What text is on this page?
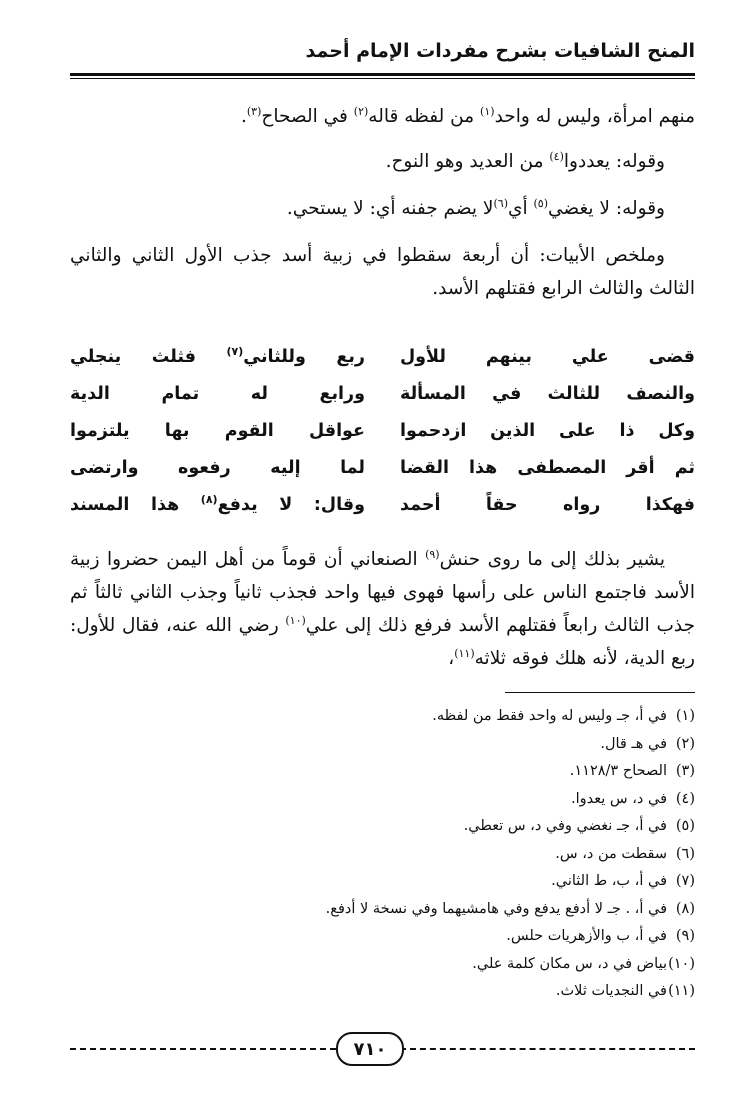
المنح الشافيات بشرح مفردات الإمام أحمد

منهم امرأة، وليس له واحد$^{(١)}$ من لفظه قاله$^{(٢)}$ في الصحاح$^{(٣)}$.

وقوله: يعددوا$^{(٤)}$ من العديد وهو النوح.

وقوله: لا يغضي$^{(٥)}$ أي$^{(٦)}$لا يضم جفنه أي: لا يستحي.

وملخص الأبيات: أن أربعة سقطوا في زبية أسد جذب الأول الثاني والثاني الثالث والثالث الرابع فقتلهم الأسد.

قضى علي بينهم للأول
ربع وللثاني$^{(٧)}$ فثلث ينجلي
والنصف للثالث في المسألة
ورابع له تمام الدية
وكل ذا على الذين ازدحموا
عواقل القوم بها يلتزموا
ثم أقر المصطفى هذا القضا
لما إليه رفعوه وارتضى
فهكذا رواه حقاً أحمد
وقال: لا يدفع$^{(٨)}$ هذا المسند

يشير بذلك إلى ما روى حنش$^{(٩)}$ الصنعاني أن قوماً من أهل اليمن حضروا زبية الأسد فاجتمع الناس على رأسها فهوى فيها واحد فجذب ثانياً وجذب الثاني ثالثاً ثم جذب الثالث رابعاً فقتلهم الأسد فرفع ذلك إلى علي$^{(١٠)}$ رضي الله عنه، فقال للأول: ربع الدية، لأنه هلك فوقه ثلاثه$^{(١١)}$،

(١)في أ، جـ وليس له واحد فقط من لفظه.

(٢)في هـ قال.

(٣)الصحاح ١١٢٨/٣.

(٤)في د، س يعدوا.

(٥)في أ، جـ نغضي وفي د، س تعطي.

(٦)سقطت من د، س.

(٧)في أ، ب، ط الثاني.

(٨)في أ، . جـ لا أدفع يدفع وفي هامشيهما وفي نسخة لا أدفع.

(٩)في أ، ب والأزهريات حلس.

(١٠)بياض في د، س مكان كلمة علي.

(١١)في النجديات ثلاث.

٧١٠
